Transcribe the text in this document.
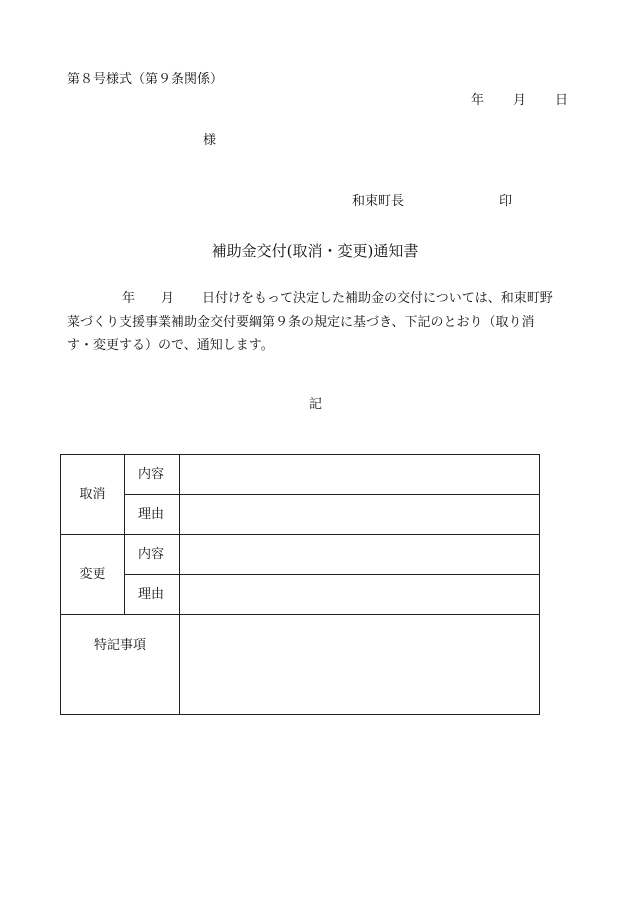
第８号様式（第９条関係）
年 月 日
様
和束町長	印
補助金交付(取消・変更)通知書
年 月 日付けをもって決定した補助金の交付については、和束町野
菜づくり支援事業補助金交付要綱第９条の規定に基づき、下記のとおり（取り消
す・変更する）ので、通知します。
記
取消	内容	
	理由	
変更	内容	
	理由	
特記事項		
